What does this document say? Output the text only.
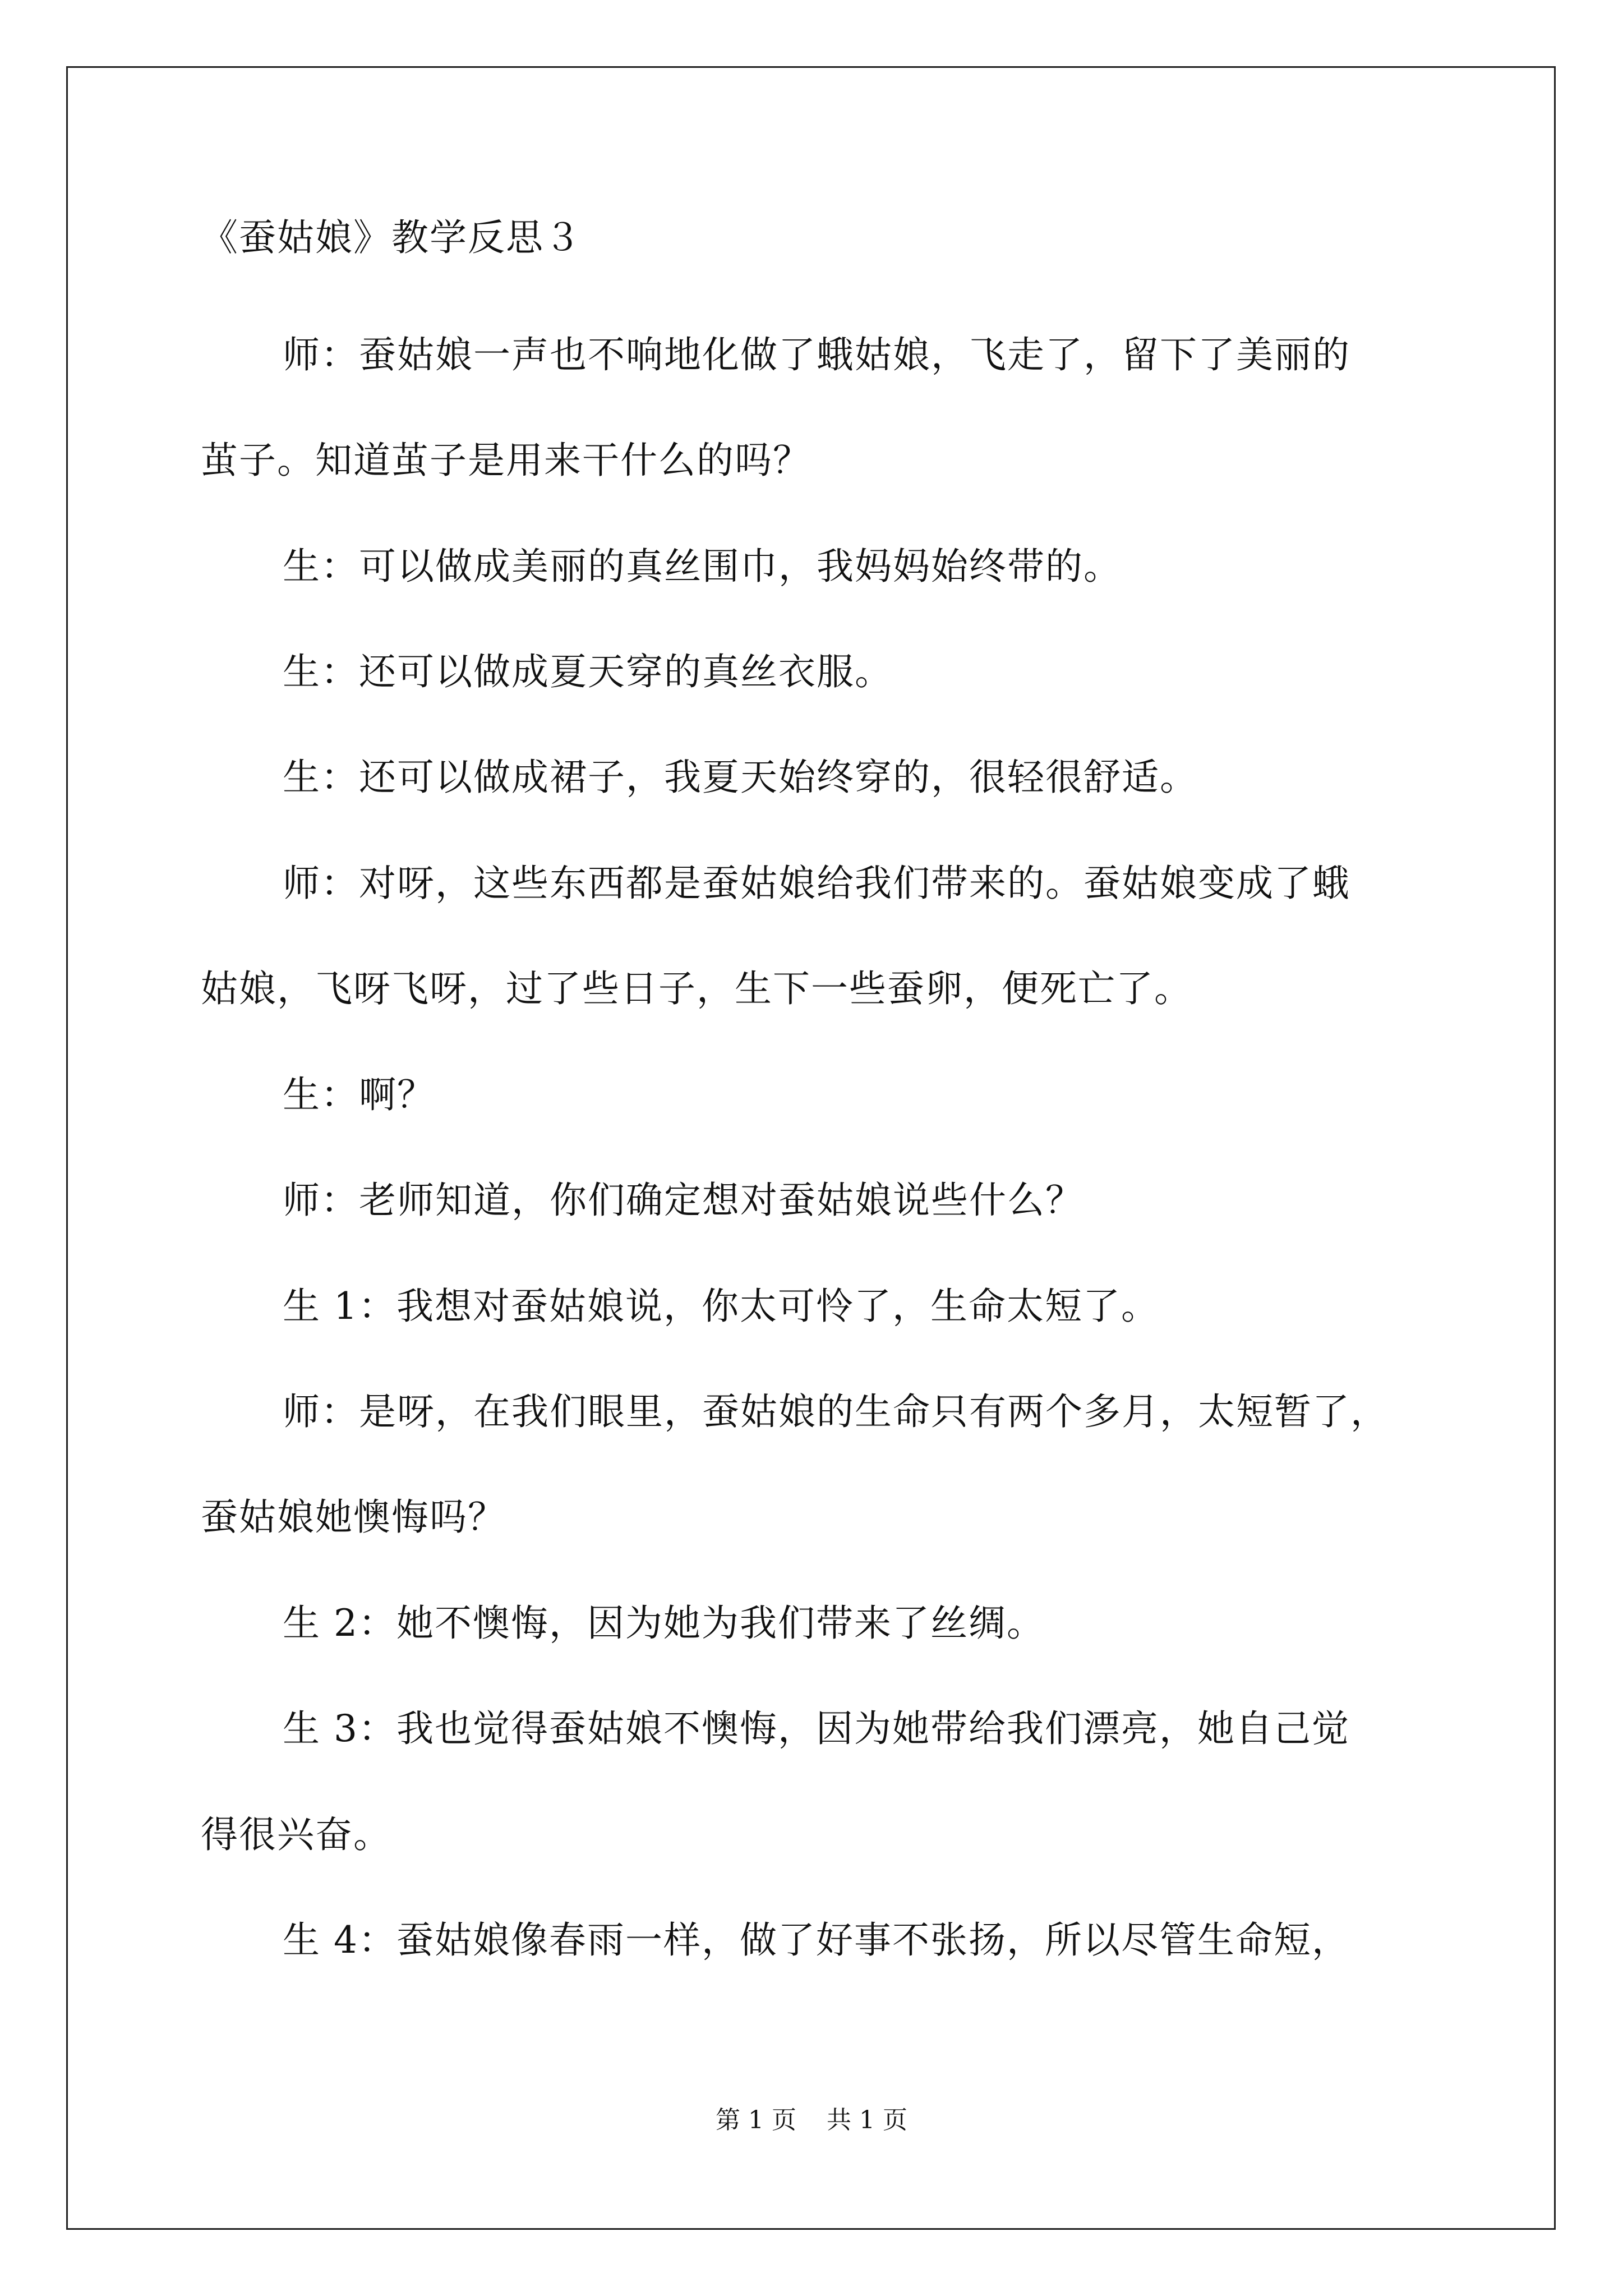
《蚕姑娘》教学反思３
师：蚕姑娘一声也不响地化做了蛾姑娘，飞走了，留下了美丽的
茧子。知道茧子是用来干什么的吗？
生：可以做成美丽的真丝围巾，我妈妈始终带的。
生：还可以做成夏天穿的真丝衣服。
生：还可以做成裙子，我夏天始终穿的，很轻很舒适。
师：对呀，这些东西都是蚕姑娘给我们带来的。蚕姑娘变成了蛾
姑娘，飞呀飞呀，过了些日子，生下一些蚕卵，便死亡了。
生：啊？
师：老师知道，你们确定想对蚕姑娘说些什么？
生 1：我想对蚕姑娘说，你太可怜了，生命太短了。
师：是呀，在我们眼里，蚕姑娘的生命只有两个多月，太短暂了，
蚕姑娘她懊悔吗？
生 2：她不懊悔，因为她为我们带来了丝绸。
生 3：我也觉得蚕姑娘不懊悔，因为她带给我们漂亮，她自己觉
得很兴奋。
生 4：蚕姑娘像春雨一样，做了好事不张扬，所以尽管生命短，
第 1 页 共 1 页
